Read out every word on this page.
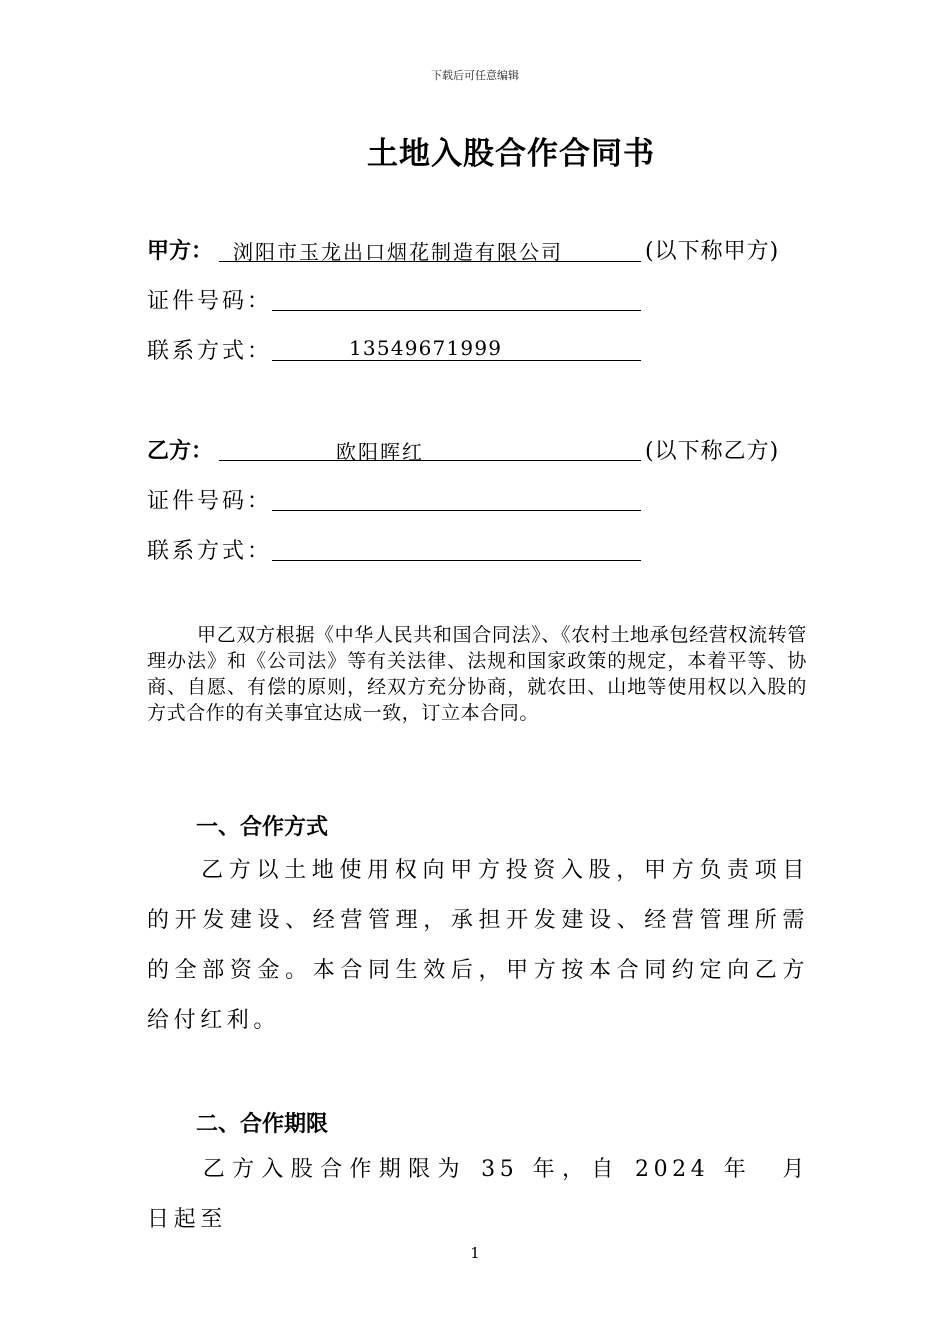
下载后可任意编辑
土地入股合作合同书
甲方： 浏阳市玉龙出口烟花制造有限公司	(以下称甲方)
证件号码：
联系方式：	13549671999
乙方：	欧阳晖红	(以下称乙方)
证件号码：
联系方式：
甲乙双方根据《中华人民共和国合同法》、《农村土地承包经营权流转管理办法》和《公司法》等有关法律、法规和国家政策的规定，本着平等、协商、自愿、有偿的原则，经双方充分协商，就农田、山地等使用权以入股的方式合作的有关事宜达成一致，订立本合同。
一、合作方式
乙方以土地使用权向甲方投资入股，甲方负责项目的开发建设、经营管理，承担开发建设、经营管理所需的全部资金。本合同生效后，甲方按本合同约定向乙方给付红利。
二、合作期限
乙方入股合作期限为 35 年，自 2024 年　月　日起至
1
